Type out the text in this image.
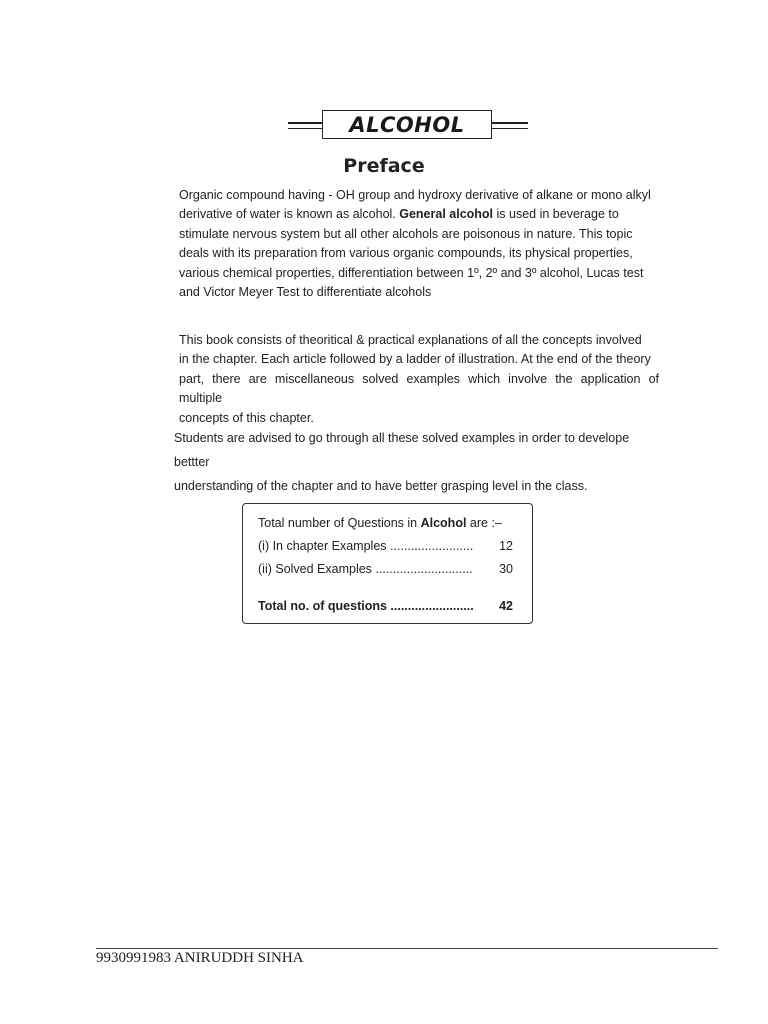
ALCOHOL
Preface

Organic compound having - OH group and hydroxy derivative of alkane or mono alkyl

derivative of water is known as alcohol. General alcohol is used in beverage to

stimulate nervous system but all other alcohols are poisonous in nature. This topic

deals with its preparation from various organic compounds, its physical properties,

various chemical properties, differentiation between 1º, 2º and 3º alcohol, Lucas test

and Victor Meyer Test to differentiate alcohols

This book consists of theoritical & practical explanations of all the concepts involved

in the chapter. Each article followed by a ladder of illustration. At the end of the theory

part, there are miscellaneous solved examples which involve the application of multiple

concepts of this chapter.

Students are advised to go through all these solved examples in order to develope bettter
understanding of the chapter and to have better grasping level in the class.
Total number of Questions in Alcohol are :–
(i) In chapter Examples ........................ 12
(ii) Solved Examples ............................ 30
Total no. of questions ........................ 42
9930991983 ANIRUDDH SINHA
